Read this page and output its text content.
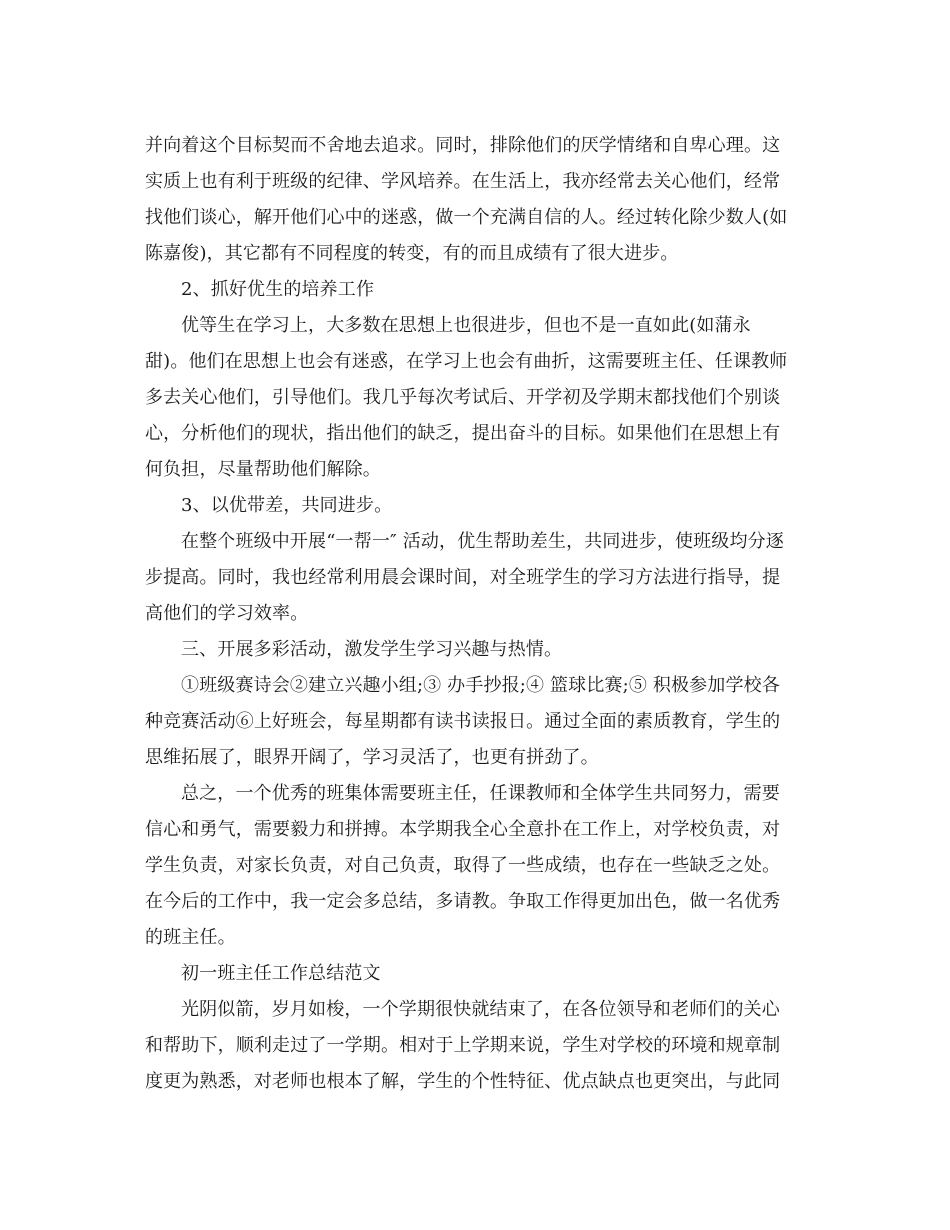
并向着这个目标契而不舍地去追求。同时，排除他们的厌学情绪和自卑心理。这
实质上也有利于班级的纪律、学风培养。在生活上，我亦经常去关心他们，经常
找他们谈心，解开他们心中的迷惑，做一个充满自信的人。经过转化除少数人(如
陈嘉俊)，其它都有不同程度的转变，有的而且成绩有了很大进步。
2、抓好优生的培养工作
优等生在学习上，大多数在思想上也很进步，但也不是一直如此(如蒲永
甜)。他们在思想上也会有迷惑，在学习上也会有曲折，这需要班主任、任课教师
多去关心他们，引导他们。我几乎每次考试后、开学初及学期末都找他们个别谈
心，分析他们的现状，指出他们的缺乏，提出奋斗的目标。如果他们在思想上有
何负担，尽量帮助他们解除。
3、以优带差，共同进步。
在整个班级中开展“一帮一″ 活动，优生帮助差生，共同进步，使班级均分逐
步提高。同时，我也经常利用晨会课时间，对全班学生的学习方法进行指导，提
高他们的学习效率。
三、开展多彩活动，激发学生学习兴趣与热情。
①班级赛诗会②建立兴趣小组;③ 办手抄报;④ 篮球比赛;⑤ 积极参加学校各
种竞赛活动⑥上好班会，每星期都有读书读报日。通过全面的素质教育，学生的
思维拓展了，眼界开阔了，学习灵活了，也更有拼劲了。
总之，一个优秀的班集体需要班主任，任课教师和全体学生共同努力，需要
信心和勇气，需要毅力和拼搏。本学期我全心全意扑在工作上，对学校负责，对
学生负责，对家长负责，对自己负责，取得了一些成绩，也存在一些缺乏之处。
在今后的工作中，我一定会多总结，多请教。争取工作得更加出色，做一名优秀
的班主任。
初一班主任工作总结范文
光阴似箭，岁月如梭，一个学期很快就结束了，在各位领导和老师们的关心
和帮助下，顺利走过了一学期。相对于上学期来说，学生对学校的环境和规章制
度更为熟悉，对老师也根本了解，学生的个性特征、优点缺点也更突出，与此同
